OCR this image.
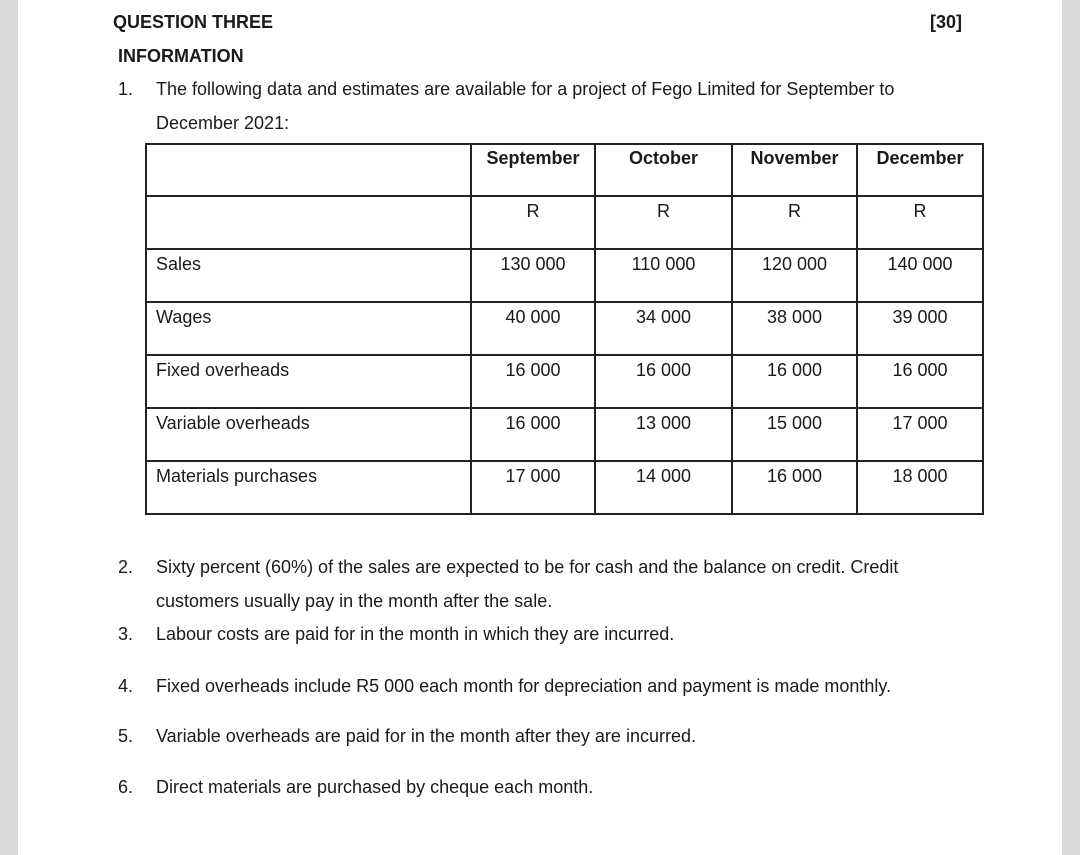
QUESTION THREE	[30]
INFORMATION
1. The following data and estimates are available for a project of Fego Limited for September to
December 2021:
	September	October	November	December
	R	R	R	R
Sales	130 000	110 000	120 000	140 000
Wages	40 000	34 000	38 000	39 000
Fixed overheads	16 000	16 000	16 000	16 000
Variable overheads	16 000	13 000	15 000	17 000
Materials purchases	17 000	14 000	16 000	18 000
2. Sixty percent (60%) of the sales are expected to be for cash and the balance on credit. Credit
customers usually pay in the month after the sale.
3. Labour costs are paid for in the month in which they are incurred.
4. Fixed overheads include R5 000 each month for depreciation and payment is made monthly.
5. Variable overheads are paid for in the month after they are incurred.
6. Direct materials are purchased by cheque each month.
